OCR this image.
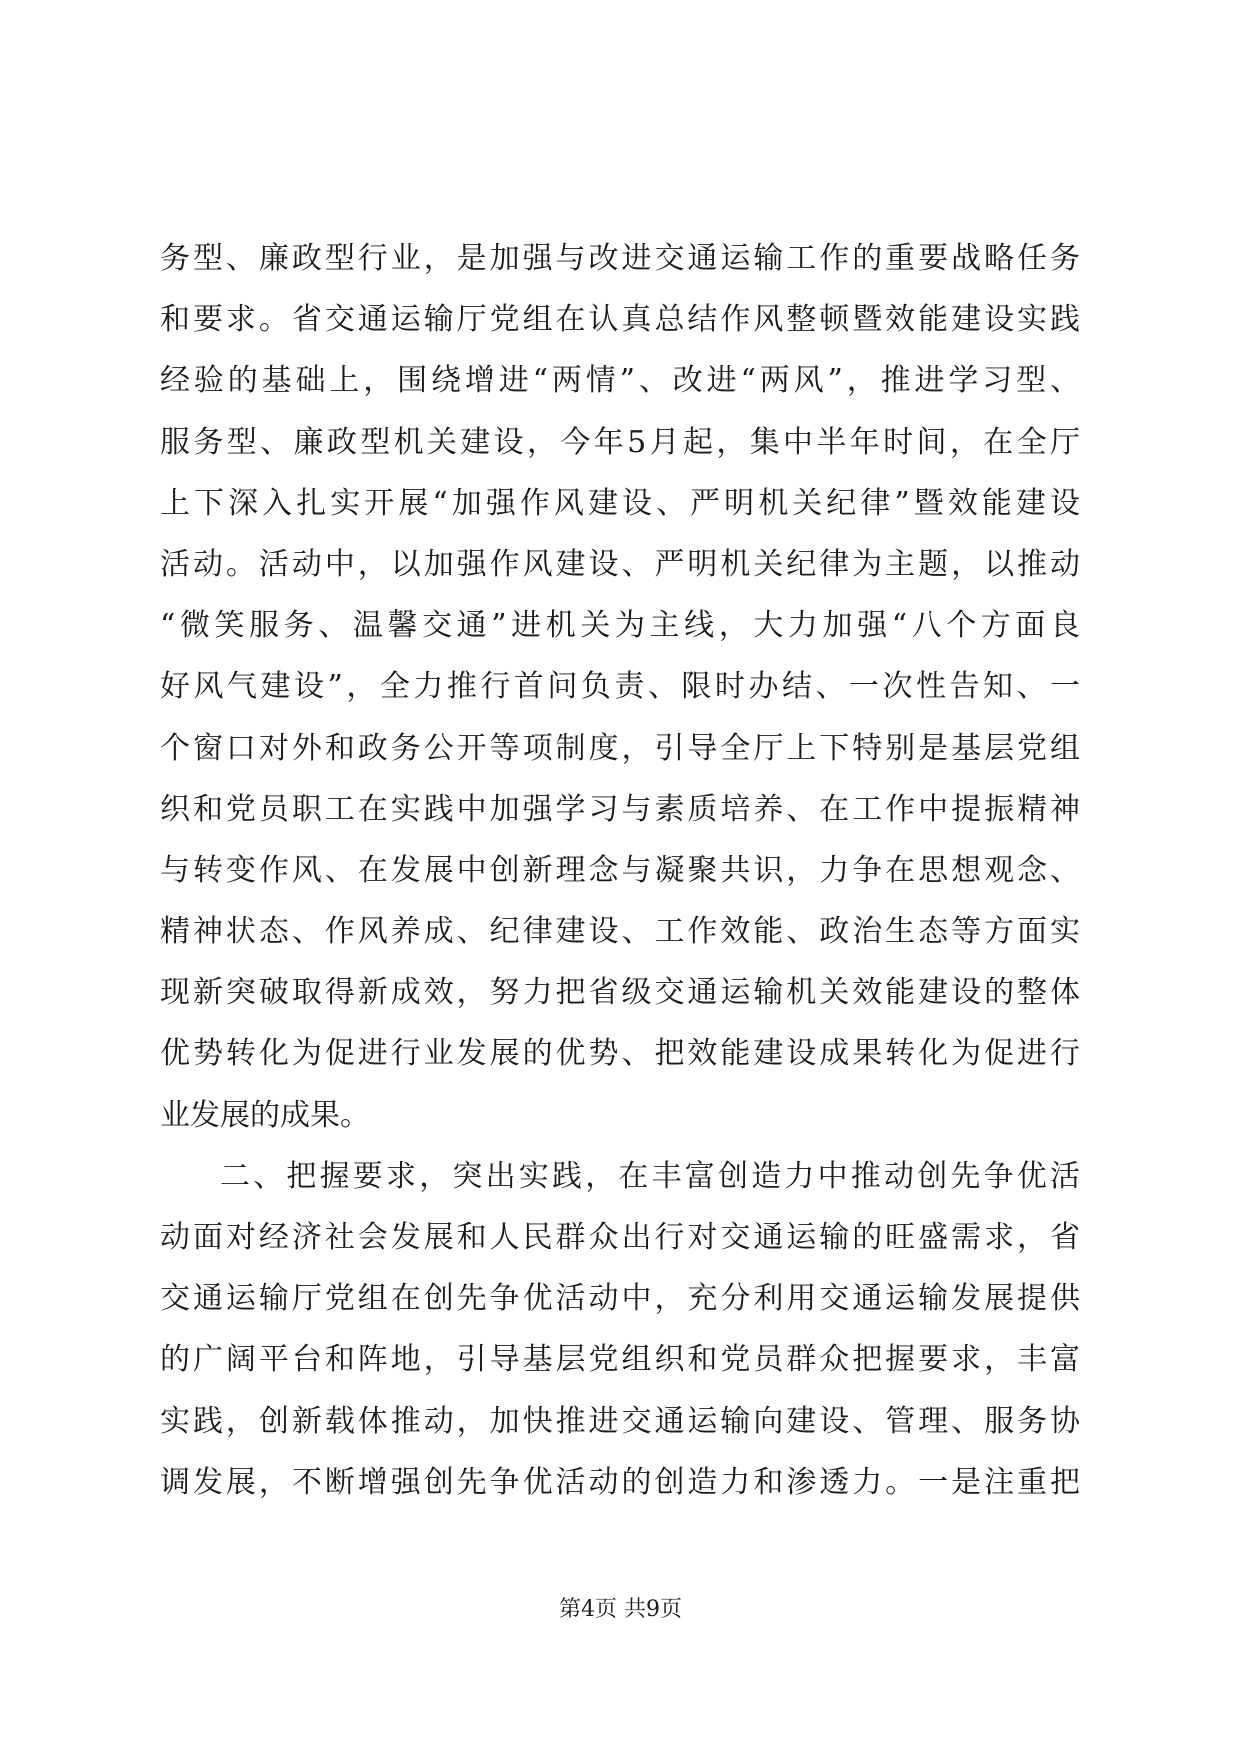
务型、廉政型行业，是加强与改进交通运输工作的重要战略任务
和要求。省交通运输厅党组在认真总结作风整顿暨效能建设实践
经验的基础上，围绕增进“两情”、改进“两风”，推进学习型、
服务型、廉政型机关建设，今年5月起，集中半年时间，在全厅
上下深入扎实开展“加强作风建设、严明机关纪律”暨效能建设
活动。活动中，以加强作风建设、严明机关纪律为主题，以推动
“微笑服务、温馨交通”进机关为主线，大力加强“八个方面良
好风气建设”，全力推行首问负责、限时办结、一次性告知、一
个窗口对外和政务公开等项制度，引导全厅上下特别是基层党组
织和党员职工在实践中加强学习与素质培养、在工作中提振精神
与转变作风、在发展中创新理念与凝聚共识，力争在思想观念、
精神状态、作风养成、纪律建设、工作效能、政治生态等方面实
现新突破取得新成效，努力把省级交通运输机关效能建设的整体
优势转化为促进行业发展的优势、把效能建设成果转化为促进行
业发展的成果。
二、把握要求，突出实践，在丰富创造力中推动创先争优活
动面对经济社会发展和人民群众出行对交通运输的旺盛需求，省
交通运输厅党组在创先争优活动中，充分利用交通运输发展提供
的广阔平台和阵地，引导基层党组织和党员群众把握要求，丰富
实践，创新载体推动，加快推进交通运输向建设、管理、服务协
调发展，不断增强创先争优活动的创造力和渗透力。一是注重把
第4页 共9页
